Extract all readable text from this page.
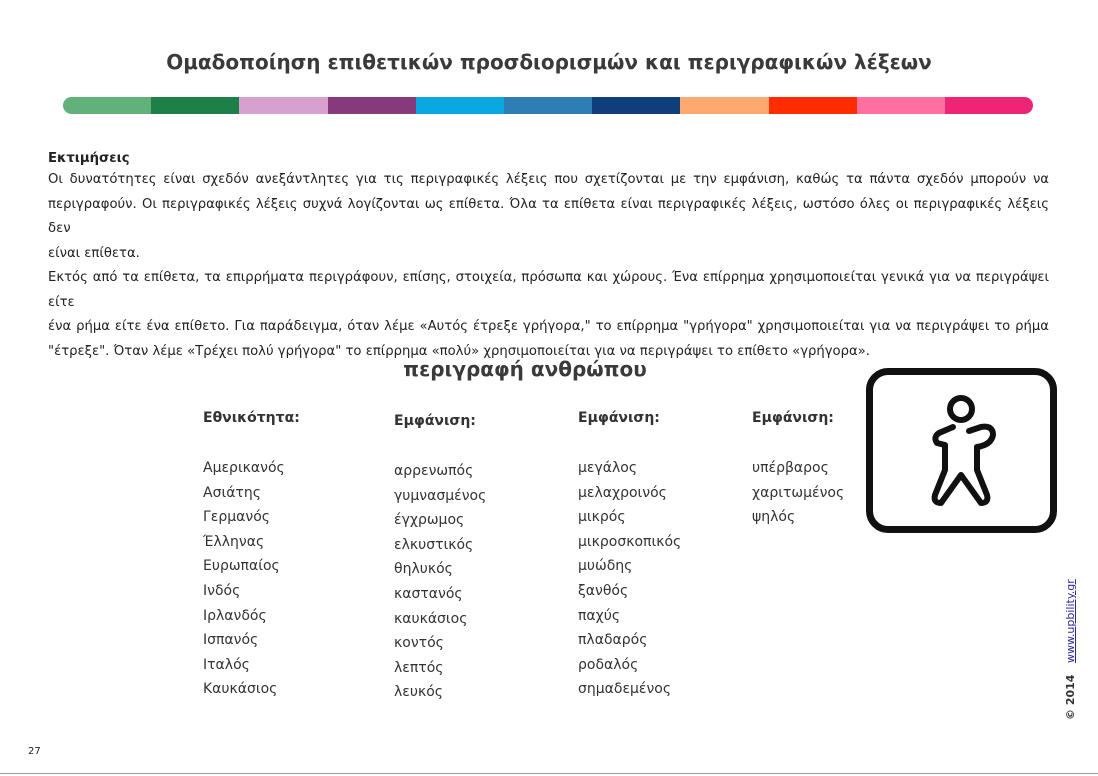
Ομαδοποίηση επιθετικών προσδιορισμών και περιγραφικών λέξεων
Εκτιμήσεις
Οι δυνατότητες είναι σχεδόν ανεξάντλητες για τις περιγραφικές λέξεις που σχετίζονται με την εμφάνιση, καθώς τα πάντα σχεδόν μπορούν να
περιγραφούν. Οι περιγραφικές λέξεις συχνά λογίζονται ως επίθετα. Όλα τα επίθετα είναι περιγραφικές λέξεις, ωστόσο όλες οι περιγραφικές λέξεις δεν
είναι επίθετα.
Εκτός από τα επίθετα, τα επιρρήματα περιγράφουν, επίσης, στοιχεία, πρόσωπα και χώρους. Ένα επίρρημα χρησιμοποιείται γενικά για να περιγράψει είτε
ένα ρήμα είτε ένα επίθετο. Για παράδειγμα, όταν λέμε «Αυτός έτρεξε γρήγορα," το επίρρημα "γρήγορα" χρησιμοποιείται για να περιγράψει το ρήμα
"έτρεξε". Όταν λέμε «Τρέχει πολύ γρήγορα" το επίρρημα «πολύ» χρησιμοποιείται για να περιγράψει το επίθετο «γρήγορα».
περιγραφή ανθρώπου
Εθνικότητα:
Αμερικανός
Ασιάτης
Γερμανός
Έλληνας
Ευρωπαίος
Ινδός
Ιρλανδός
Ισπανός
Ιταλός
Καυκάσιος
Εμφάνιση:
αρρενωπός
γυμνασμένος
έγχρωμος
ελκυστικός
θηλυκός
καστανός
καυκάσιος
κοντός
λεπτός
λευκός
Εμφάνιση:
μεγάλος
μελαχροινός
μικρός
μικροσκοπικός
μυώδης
ξανθός
παχύς
πλαδαρός
ροδαλός
σημαδεμένος
Εμφάνιση:
υπέρβαρος
χαριτωμένος
ψηλός
27
© 2014 www.upbility.gr
